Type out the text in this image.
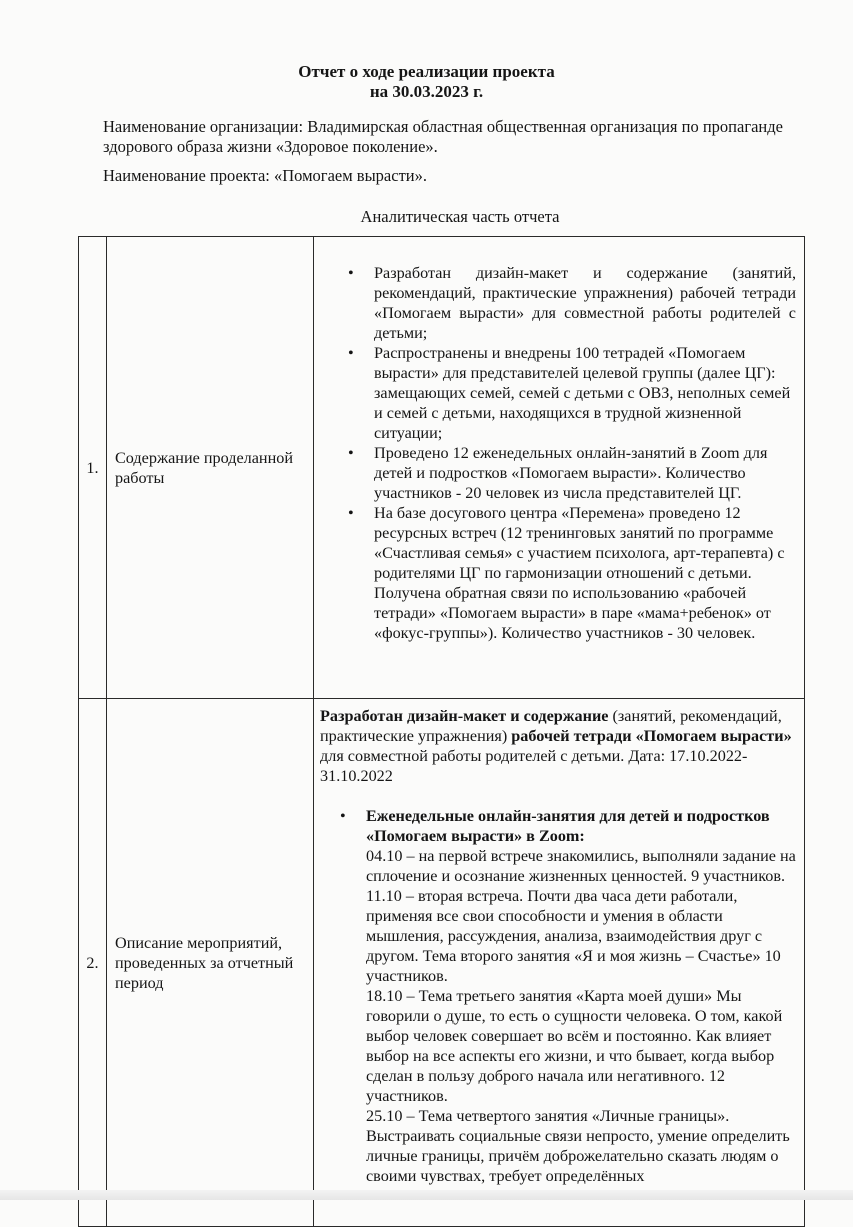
Отчет о ходе реализации проекта
на 30.03.2023 г.
Наименование организации: Владимирская областная общественная организация по пропаганде здорового образа жизни «Здоровое поколение».
Наименование проекта: «Помогаем вырасти».
Аналитическая часть отчета
1.	Содержание проделанной работы	
• Разработан дизайн-макет и содержание (занятий, рекомендаций, практические упражнения) рабочей тетради «Помогаем вырасти» для совместной работы родителей с детьми;
• Распространены и внедрены 100 тетрадей «Помогаем вырасти» для представителей целевой группы (далее ЦГ): замещающих семей, семей с детьми с ОВЗ, неполных семей и семей с детьми, находящихся в трудной жизненной ситуации;
• Проведено 12 еженедельных онлайн-занятий в Zoom для детей и подростков «Помогаем вырасти». Количество участников - 20 человек из числа представителей ЦГ.
• На базе досугового центра «Перемена» проведено 12 ресурсных встреч (12 тренинговых занятий по программе «Счастливая семья» с участием психолога, арт-терапевта) с родителями ЦГ по гармонизации отношений с детьми. Получена обратная связи по использованию «рабочей тетради» «Помогаем вырасти» в паре «мама+ребенок» от «фокус-группы»). Количество участников - 30 человек.

2.	Описание мероприятий, проведенных за отчетный период	
Разработан дизайн-макет и содержание (занятий, рекомендаций, практические упражнения) рабочей тетради «Помогаем вырасти» для совместной работы родителей с детьми. Дата: 17.10.2022-31.10.2022
• Еженедельные онлайн-занятия для детей и подростков «Помогаем вырасти» в Zoom:
04.10 – на первой встрече знакомились, выполняли задание на сплочение и осознание жизненных ценностей. 9 участников.
11.10 – вторая встреча. Почти два часа дети работали, применяя все свои способности и умения в области мышления, рассуждения, анализа, взаимодействия друг с другом. Тема второго занятия «Я и моя жизнь – Счастье» 10 участников.
18.10 – Тема третьего занятия «Карта моей души» Мы говорили о душе, то есть о сущности человека. О том, какой выбор человек совершает во всём и постоянно. Как влияет выбор на все аспекты его жизни, и что бывает, когда выбор сделан в пользу доброго начала или негативного. 12 участников.
25.10 – Тема четвертого занятия «Личные границы». Выстраивать социальные связи непросто, умение определить личные границы, причём доброжелательно сказать людям о своими чувствах, требует определённых
